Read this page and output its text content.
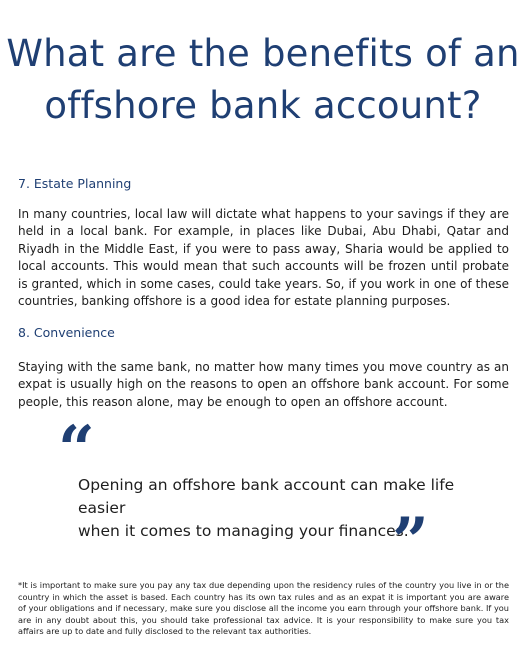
What are the benefits of an
offshore bank account?
7. Estate Planning

In many countries, local law will dictate what happens to your savings if they are held in a local bank. For example, in places like Dubai, Abu Dhabi, Qatar and Riyadh in the Middle East, if you were to pass away, Sharia would be applied to local accounts. This would mean that such accounts will be frozen until probate is granted, which in some cases, could take years. So, if you work in one of these countries, banking offshore is a good idea for estate planning purposes.

8. Convenience

Staying with the same bank, no matter how many times you move country as an expat is usually high on the reasons to open an offshore bank account. For some people, this reason alone, may be enough to open an offshore account.

“

Opening an offshore bank account can make life easier
when it comes to managing your finances.

”

*It is important to make sure you pay any tax due depending upon the residency rules of the country you live in or the country in which the asset is based. Each country has its own tax rules and as an expat it is important you are aware of your obligations and if necessary, make sure you disclose all the income you earn through your offshore bank. If you are in any doubt about this, you should take professional tax advice. It is your responsibility to make sure you tax affairs are up to date and fully disclosed to the relevant tax authorities.
